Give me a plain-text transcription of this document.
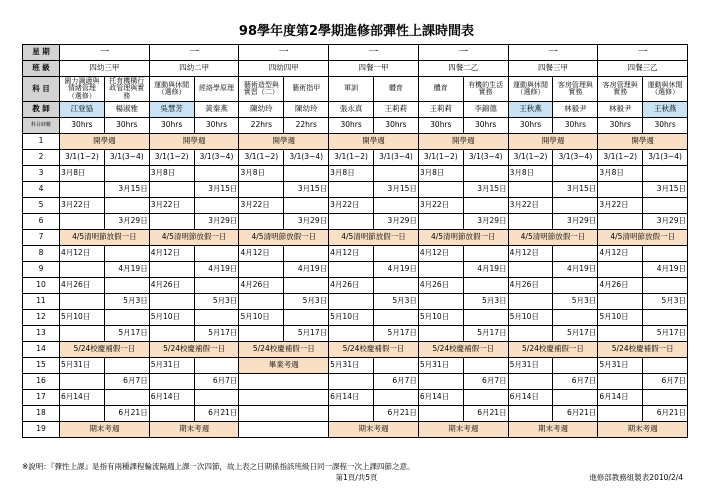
98學年度第2學期進修部彈性上課時間表
星 期	一		一		一		一		一		一		一	
班 級	四幼三甲		四幼二甲		四幼四甲		四餐一甲		四餐二乙		四餐三甲		四餐三乙	
科 目	園力調適與情緒管理（選修）	托育機構行政管理與實務	運動與休閒（選修）	經絡學原理	藝術造型與實習（二）	藝術指甲	軍訓	體育	體育	有機的生活實務	運動與休閒（選修）	客房管理與實務	客房管理與實務	運動與休閒（選修）
教 師	江登協	楊淑雅	吳慧芳	黃秦燕	陳幼玲	陳幼玲	張永真	王莉莉	王莉莉	李錦德	王秋燕	林毅尹	林毅尹	王秋燕
科目時數	30hrs	30hrs	30hrs	30hrs	22hrs	22hrs	30hrs	30hrs	30hrs	30hrs	30hrs	30hrs	30hrs	30hrs
1	開學週		開學週		開學週		開學週		開學週		開學週		開學週	
2	3/1(1~2)	3/1(3~4)	3/1(1~2)	3/1(3~4)	3/1(1~2)	3/1(3~4)	3/1(1~2)	3/1(3~4)	3/1(1~2)	3/1(3~4)	3/1(1~2)	3/1(3~4)	3/1(1~2)	3/1(3~4)
3	3月8日		3月8日		3月8日		3月8日		3月8日		3月8日		3月8日	
4		3月15日		3月15日		3月15日		3月15日		3月15日		3月15日		3月15日
5	3月22日		3月22日		3月22日		3月22日		3月22日		3月22日		3月22日	
6		3月29日		3月29日		3月29日		3月29日		3月29日		3月29日		3月29日
7	4/5清明節放假一日		4/5清明節放假一日		4/5清明節放假一日		4/5清明節放假一日		4/5清明節放假一日		4/5清明節放假一日		4/5清明節放假一日	
8	4月12日		4月12日		4月12日		4月12日		4月12日		4月12日		4月12日	
9		4月19日		4月19日		4月19日		4月19日		4月19日		4月19日		4月19日
10	4月26日		4月26日		4月26日		4月26日		4月26日		4月26日		4月26日	
11		5月3日		5月3日		5月3日		5月3日		5月3日		5月3日		5月3日
12	5月10日		5月10日		5月10日		5月10日		5月10日		5月10日		5月10日	
13		5月17日		5月17日		5月17日		5月17日		5月17日		5月17日		5月17日
14	5/24校慶補假一日		5/24校慶補假一日		5/24校慶補假一日		5/24校慶補假一日		5/24校慶補假一日		5/24校慶補假一日		5/24校慶補假一日	
15	5月31日		5月31日		畢業考週		5月31日		5月31日		5月31日		5月31日	
16		6月7日		6月7日				6月7日		6月7日		6月7日		6月7日
17	6月14日		6月14日				6月14日		6月14日		6月14日		6月14日	
18		6月21日		6月21日				6月21日		6月21日		6月21日		6月21日
19	期末考週		期末考週				期末考週		期末考週		期末考週		期末考週	
※說明：『彈性上課』是指有兩種課程輪流隔週上課一次四節，故上表之日期係指該班級日同一課程一次上課四節之意。
第1頁/共5頁	進修部教務組製表2010/2/4
